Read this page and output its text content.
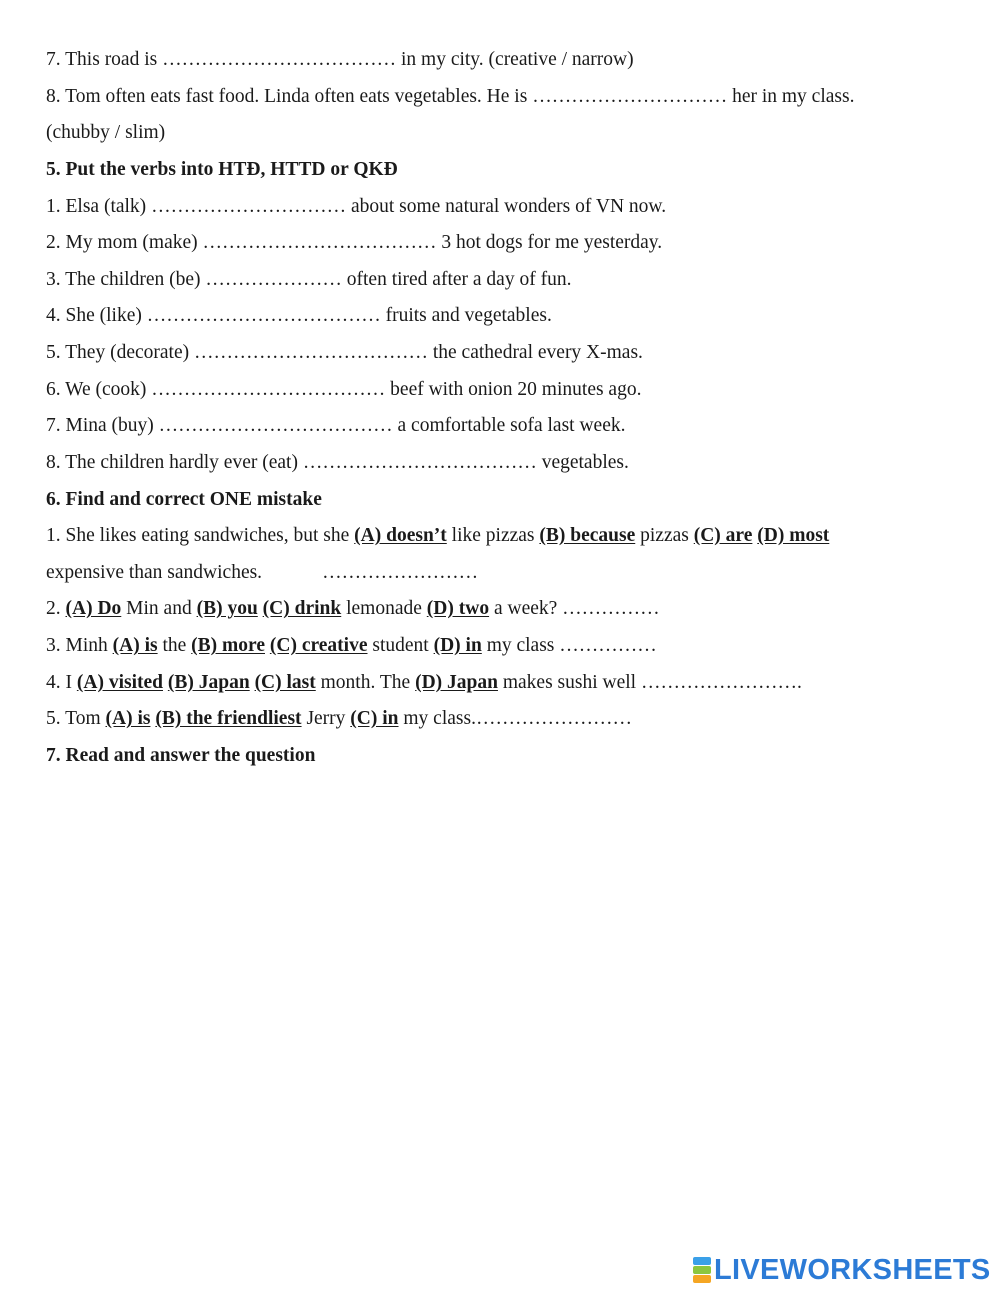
7. This road is ……………………………… in my city. (creative / narrow)
8. Tom often eats fast food. Linda often eats vegetables. He is ………………………… her in my class.
(chubby / slim)
5. Put the verbs into HTĐ, HTTD or QKĐ
1. Elsa (talk) ………………………… about some natural wonders of VN now.
2. My mom (make) ……………………………… 3 hot dogs for me yesterday.
3. The children (be) ………………… often tired after a day of fun.
4. She (like) ……………………………… fruits and vegetables.
5. They (decorate) ……………………………… the cathedral every X-mas.
6. We (cook) ……………………………… beef with onion 20 minutes ago.
7. Mina (buy) ……………………………… a comfortable sofa last week.
8. The children hardly ever (eat) ……………………………… vegetables.
6. Find and correct ONE mistake
1. She likes eating sandwiches, but she (A) doesn’t like pizzas (B) because pizzas (C) are (D) most
expensive than sandwiches.	……………………
2. (A) Do Min and (B) you (C) drink lemonade (D) two a week? ……………
3. Minh (A) is the (B) more (C) creative student (D) in my class ……………
4. I (A) visited (B) Japan (C) last month. The (D) Japan makes sushi well …………………….
5. Tom (A) is (B) the friendliest Jerry (C) in my class.……………………
7. Read and answer the question
LIVEWORKSHEETS
